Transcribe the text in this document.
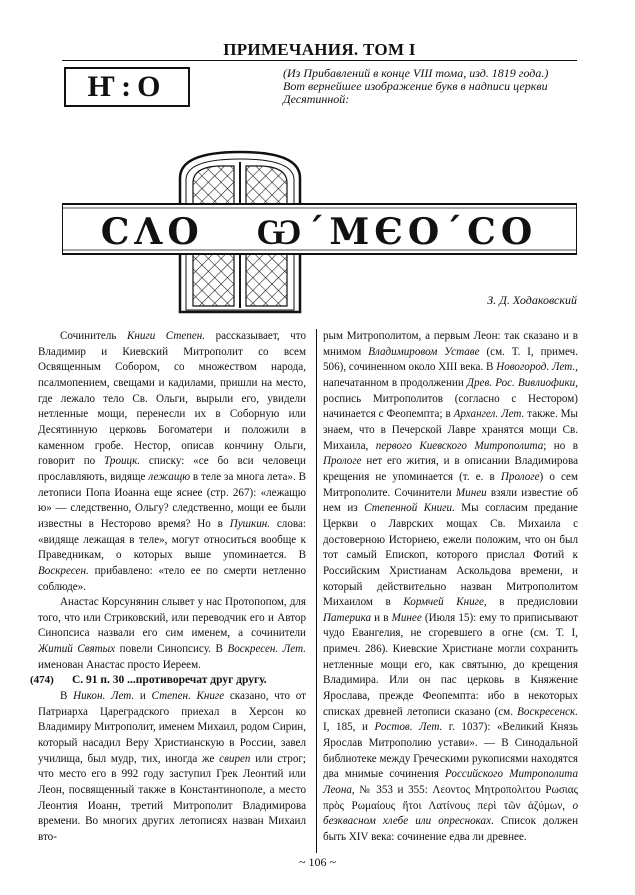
ПРИМЕЧАНИЯ. ТОМ I
Ҥ:О	(Из Прибавлений в конце VIII тома, изд. 1819 года.)
Вот вернейшее изображение букв в надписи церкви Десятинной:
СΛО   Ѡ´ΜЄО´СО
З. Д. Ходаковский

Сочинитель Книги Степен. рассказывает, что Владимир и Киевский Митрополит со всем Освященным Собором, со множеством народа, псалмопением, свещами и кадилами, пришли на место, где лежало тело Св. Ольги, вырыли его, увидели нетленные мощи, перенесли их в Соборную или Десятинную церковь Богоматери и положили в каменном гробе. Нестор, описав кончину Ольги, говорит по Троицк. списку: «се бо вси человеци прославляють, видяще лежащю в теле за многа лета». В летописи Попа Иоанна еще яснее (стр. 267): «лежащю ю» — следственно, Ольгу? следственно, мощи ее были известны в Несторово время? Но в Пушкин. слова: «видяще лежащая в теле», могут относиться вообще к Праведникам, о которых выше упоминается. В Воскресен. прибавлено: «тело ее по смерти нетленно соблюде».

Анастас Корсунянин слывет у нас Протопопом, для того, что или Стриковский, или переводчик его и Автор Синопсиса назвали его сим именем, а сочинители Житий Святых повели Синопсису. В Воскресен. Лет. именован Анастас просто Иереем.

(474) С. 91 п. 30 ...противоречат друг другу.

В Никон. Лет. и Степен. Книге сказано, что от Патриарха Цареградского приехал в Херсон ко Владимиру Митрополит, именем Михаил, родом Сирин, который насадил Веру Христианскую в России, завел училища, был мудр, тих, иногда же свиреп или строг; что место его в 992 году заступил Грек Леонтий или Леон, посвященный также в Константинополе, а место Леонтия Иоанн, третий Митрополит Владимирова времени. Во многих других летописях назван Михаил вто-

рым Митрополитом, а первым Леон: так сказано и в мнимом Владимировом Уставе (см. Т. I, примеч. 506), сочиненном около XIII века. В Новогород. Лет., напечатанном в продолжении Древ. Рос. Вивлиофики, роспись Митрополитов (согласно с Нестором) начинается с Феопемпта; в Архангел. Лет. также. Мы знаем, что в Печерской Лавре хранятся мощи Св. Михаила, первого Киевского Митрополита; но в Прологе нет его жития, и в описании Владимирова крещения не упоминается (т. е. в Прологе) о сем Митрополите. Сочинители Минеи взяли известие об нем из Степенной Книги. Мы согласим предание Церкви о Лаврских мощах Св. Михаила с достоверною Историею, ежели положим, что он был тот самый Епископ, которого прислал Фотий к Российским Христианам Аскольдова времени, и который действительно назван Митрополитом Михаилом в Кормчей Книге, в предисловии Патерика и в Минее (Июля 15): ему то приписывают чудо Евангелия, не сгоревшего в огне (см. Т. I, примеч. 286). Киевские Христиане могли сохранить нетленные мощи его, как святыню, до крещения Владимира. Или он пас церковь в Княжение Ярослава, прежде Феопемпта: ибо в некоторых списках древней летописи сказано (см. Воскресенск. I, 185, и Ростов. Лет. г. 1037): «Великий Князь Ярослав Митрополию устави». — В Синодальной библиотеке между Греческими рукописями находятся два мнимые сочинения Российского Митрополита Леона, № 353 и 355: Λεοντος Μητροπολιτου Ρωσιας πρὸς Ρωμαίους ἤτοι Λατίνους περὶ τῶν ἀζύμων, о безквасном хлебе или опресноках. Список должен быть XIV века: сочинение едва ли древнее.

~ 106 ~
